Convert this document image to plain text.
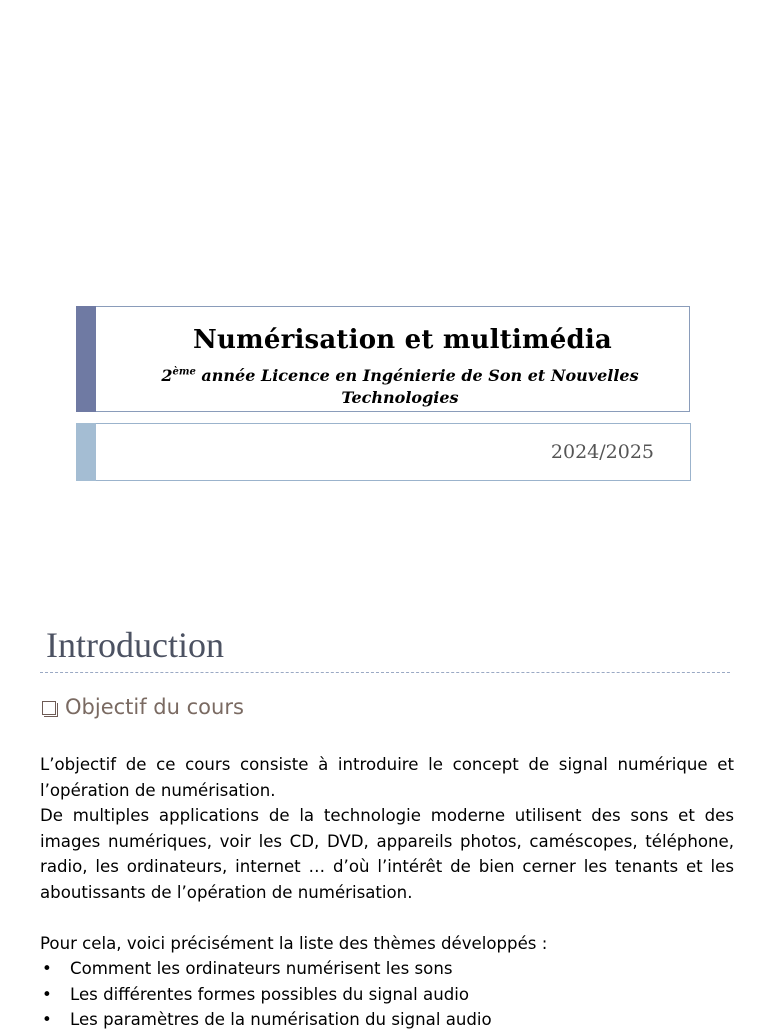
Numérisation et multimédia
2ème année Licence en Ingénierie de Son et Nouvelles Technologies
2024/2025
Introduction
Objectif du cours

L’objectif de ce cours consiste à introduire le concept de signal numérique et l’opération de numérisation.

De multiples applications de la technologie moderne utilisent des sons et des images numériques, voir les CD, DVD, appareils photos, caméscopes, téléphone, radio, les ordinateurs, internet … d’où l’intérêt de bien cerner les tenants et les aboutissants de l’opération de numérisation.

Pour cela, voici précisément la liste des thèmes développés :

• Comment les ordinateurs numérisent les sons
• Les différentes formes possibles du signal audio
• Les paramètres de la numérisation du signal audio
